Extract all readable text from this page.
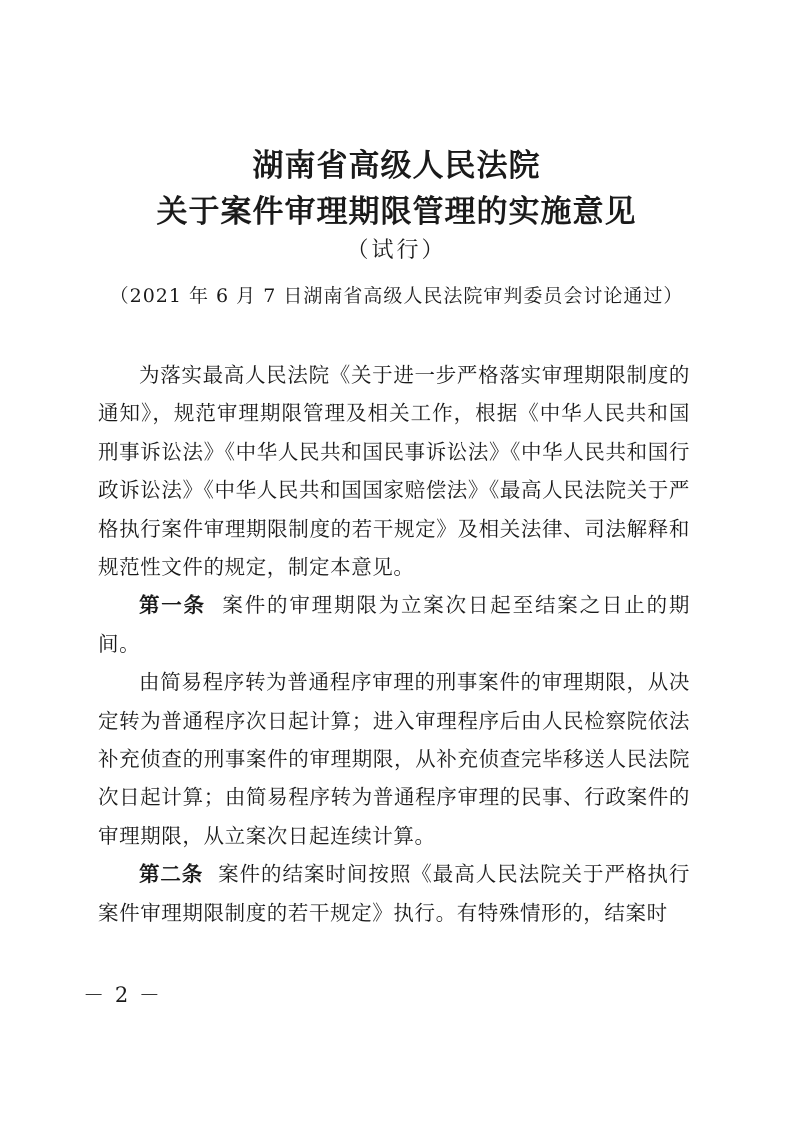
湖南省高级人民法院
关于案件审理期限管理的实施意见
（试行）
（2021 年 6 月 7 日湖南省高级人民法院审判委员会讨论通过）

为落实最高人民法院《关于进一步严格落实审理期限制度的通知》，规范审理期限管理及相关工作，根据《中华人民共和国刑事诉讼法》《中华人民共和国民事诉讼法》《中华人民共和国行政诉讼法》《中华人民共和国国家赔偿法》《最高人民法院关于严格执行案件审理期限制度的若干规定》及相关法律、司法解释和规范性文件的规定，制定本意见。

第一条 案件的审理期限为立案次日起至结案之日止的期间。

由简易程序转为普通程序审理的刑事案件的审理期限，从决定转为普通程序次日起计算；进入审理程序后由人民检察院依法补充侦查的刑事案件的审理期限，从补充侦查完毕移送人民法院次日起计算；由简易程序转为普通程序审理的民事、行政案件的审理期限，从立案次日起连续计算。

第二条 案件的结案时间按照《最高人民法院关于严格执行案件审理期限制度的若干规定》执行。有特殊情形的，结案时

－ 2 －
